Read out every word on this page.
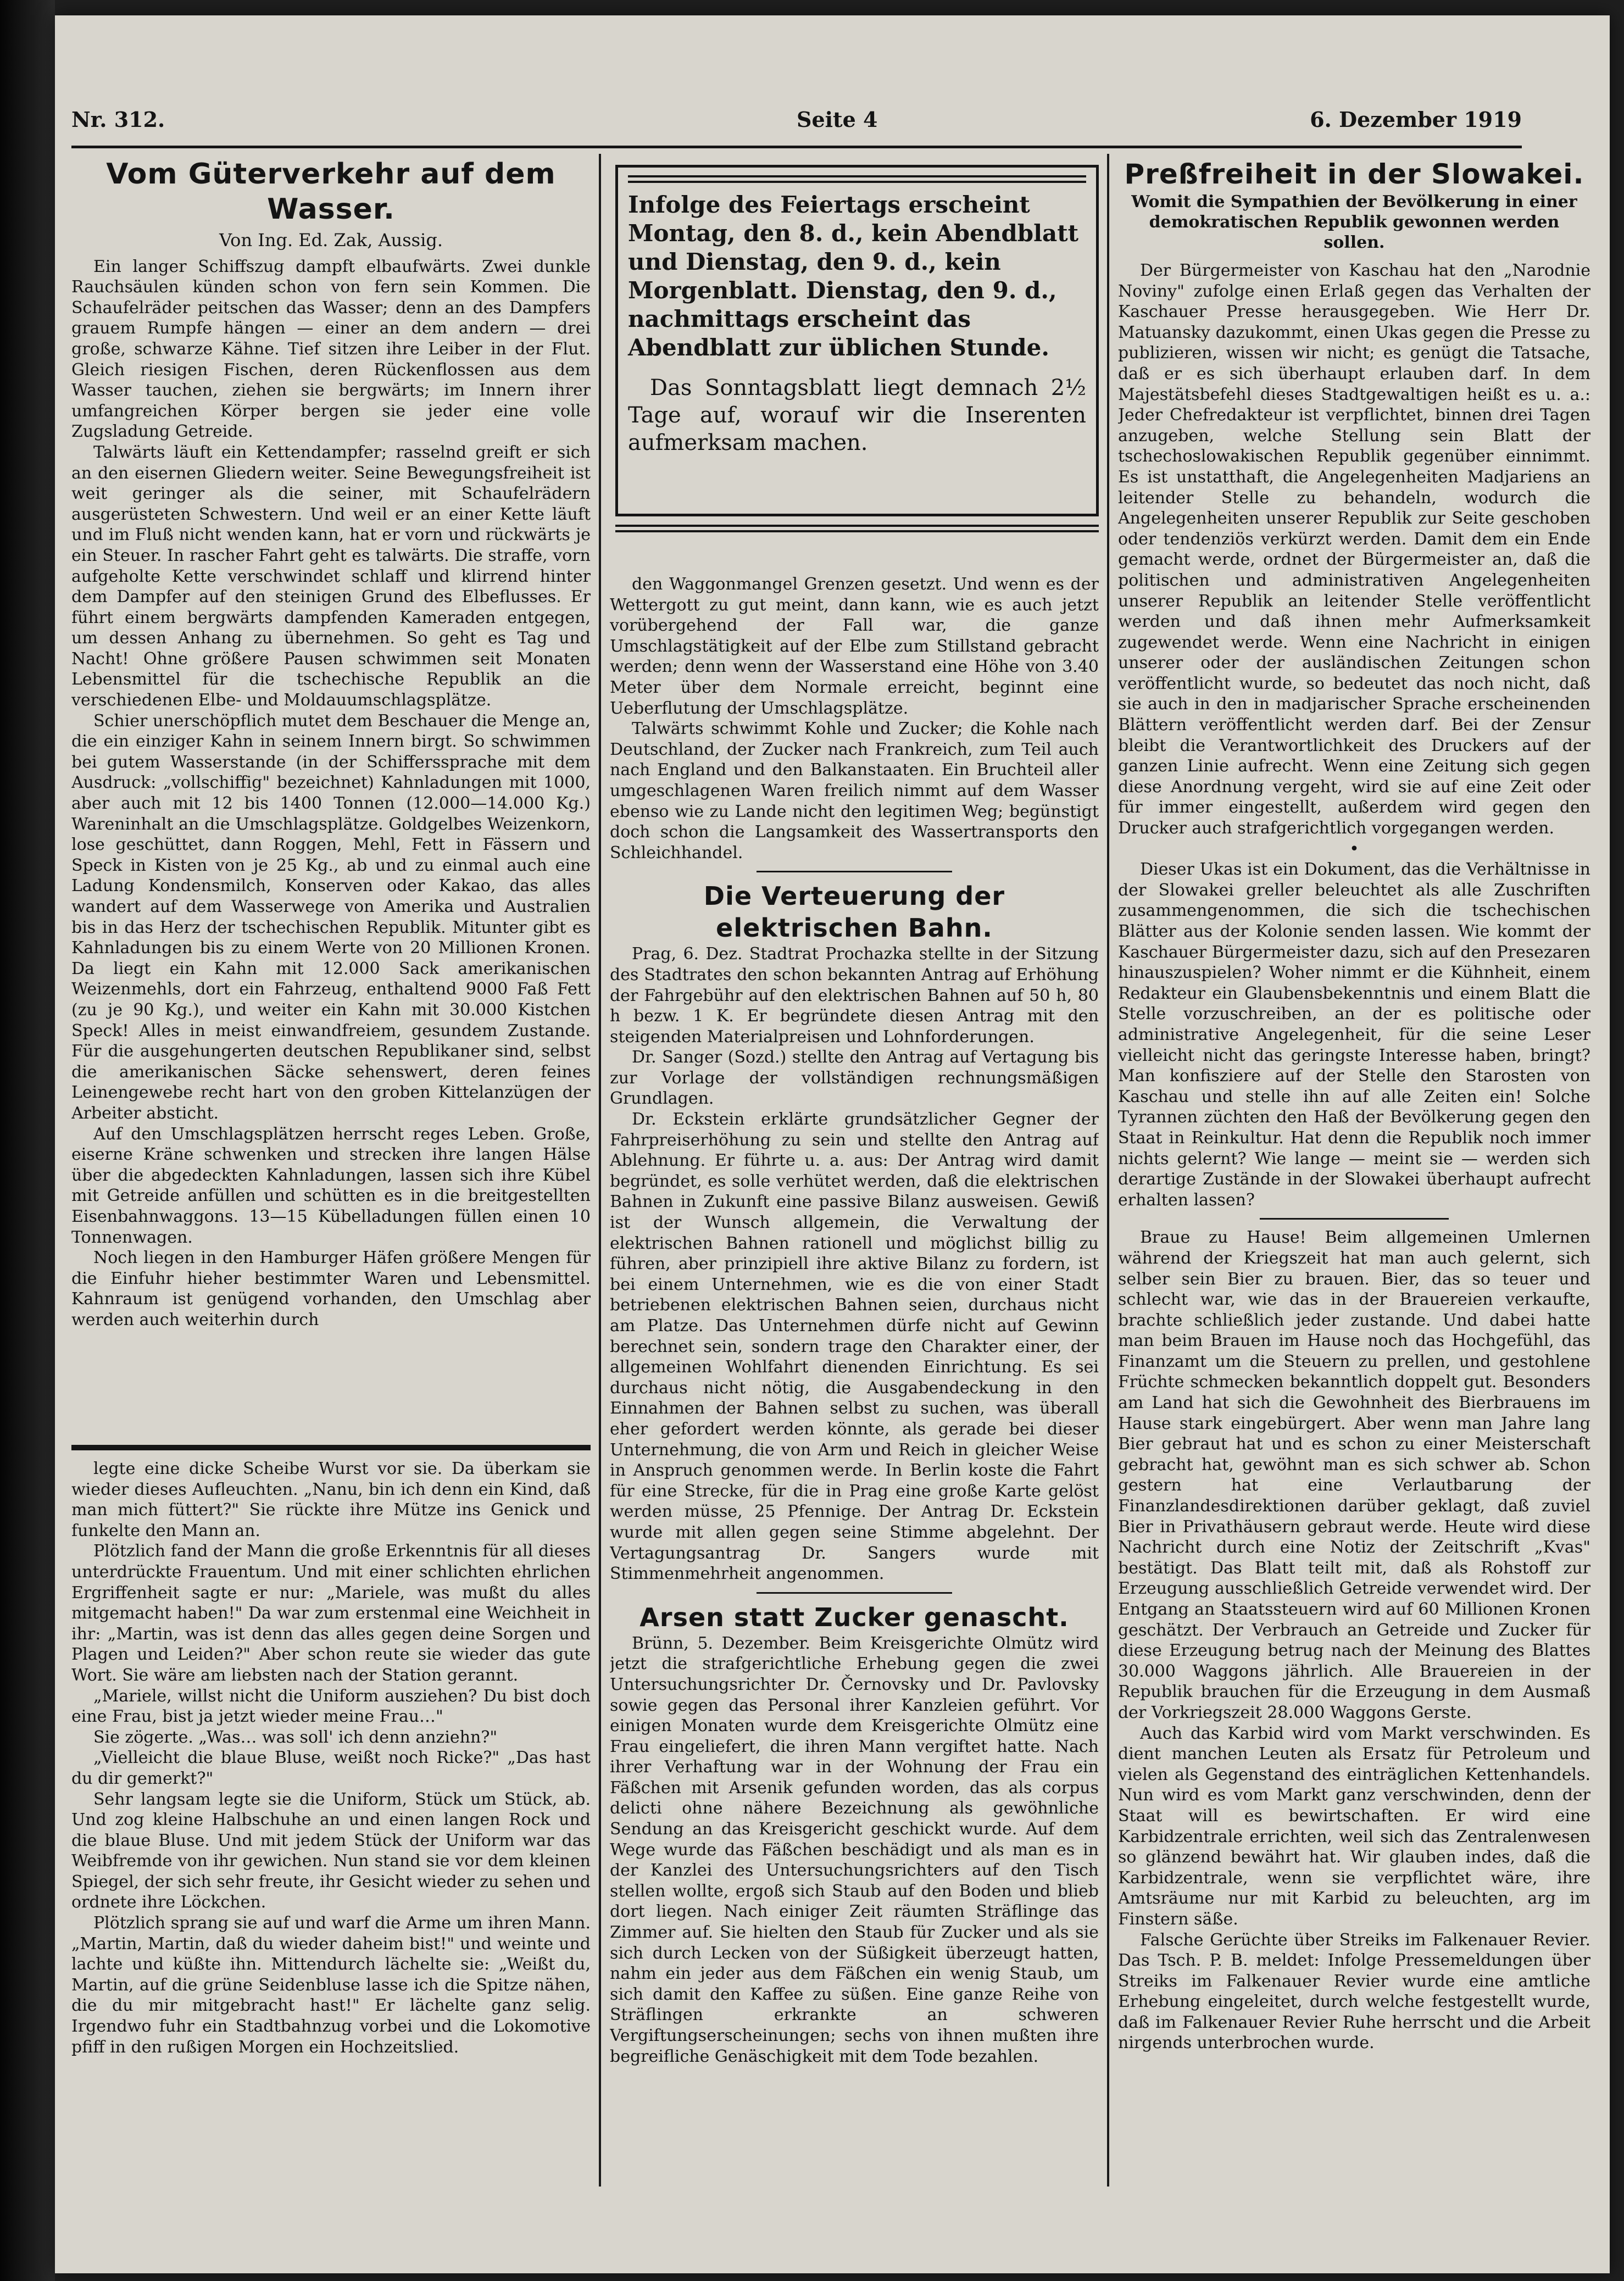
Nr. 312.	Seite 4	6. Dezember 1919
Vom Güterverkehr auf dem Wasser.
Von Ing. Ed. Zak, Aussig.

Ein langer Schiffszug dampft elbaufwärts. Zwei dunkle Rauchsäulen künden schon von fern sein Kommen. Die Schaufelräder peitschen das Wasser; denn an des Dampfers grauem Rumpfe hängen — einer an dem andern — drei große, schwarze Kähne. Tief sitzen ihre Leiber in der Flut. Gleich riesigen Fischen, deren Rückenflossen aus dem Wasser tauchen, ziehen sie bergwärts; im Innern ihrer umfangreichen Körper bergen sie jeder eine volle Zugsladung Getreide.

Talwärts läuft ein Kettendampfer; rasselnd greift er sich an den eisernen Gliedern weiter. Seine Bewegungsfreiheit ist weit geringer als die seiner, mit Schaufelrädern ausgerüsteten Schwestern. Und weil er an einer Kette läuft und im Fluß nicht wenden kann, hat er vorn und rückwärts je ein Steuer. In rascher Fahrt geht es talwärts. Die straffe, vorn aufgeholte Kette verschwindet schlaff und klirrend hinter dem Dampfer auf den steinigen Grund des Elbeflusses. Er führt einem bergwärts dampfenden Kameraden entgegen, um dessen Anhang zu übernehmen. So geht es Tag und Nacht! Ohne größere Pausen schwimmen seit Monaten Lebensmittel für die tschechische Republik an die verschiedenen Elbe- und Moldauumschlagsplätze.

Schier unerschöpflich mutet dem Beschauer die Menge an, die ein einziger Kahn in seinem Innern birgt. So schwimmen bei gutem Wasserstande (in der Schifferssprache mit dem Ausdruck: „vollschiffig" bezeichnet) Kahnladungen mit 1000, aber auch mit 12 bis 1400 Tonnen (12.000—14.000 Kg.) Wareninhalt an die Umschlagsplätze. Goldgelbes Weizenkorn, lose geschüttet, dann Roggen, Mehl, Fett in Fässern und Speck in Kisten von je 25 Kg., ab und zu einmal auch eine Ladung Kondensmilch, Konserven oder Kakao, das alles wandert auf dem Wasserwege von Amerika und Australien bis in das Herz der tschechischen Republik. Mitunter gibt es Kahnladungen bis zu einem Werte von 20 Millionen Kronen. Da liegt ein Kahn mit 12.000 Sack amerikanischen Weizenmehls, dort ein Fahrzeug, enthaltend 9000 Faß Fett (zu je 90 Kg.), und weiter ein Kahn mit 30.000 Kistchen Speck! Alles in meist einwandfreiem, gesundem Zustande. Für die ausgehungerten deutschen Republikaner sind, selbst die amerikanischen Säcke sehenswert, deren feines Leinengewebe recht hart von den groben Kittelanzügen der Arbeiter absticht.

Auf den Umschlagsplätzen herrscht reges Leben. Große, eiserne Kräne schwenken und strecken ihre langen Hälse über die abgedeckten Kahnladungen, lassen sich ihre Kübel mit Getreide anfüllen und schütten es in die breitgestellten Eisenbahnwaggons. 13—15 Kübelladungen füllen einen 10 Tonnenwagen.

Noch liegen in den Hamburger Häfen größere Mengen für die Einfuhr hieher bestimmter Waren und Lebensmittel. Kahnraum ist genügend vorhanden, den Umschlag aber werden auch weiterhin durch

legte eine dicke Scheibe Wurst vor sie. Da überkam sie wieder dieses Aufleuchten. „Nanu, bin ich denn ein Kind, daß man mich füttert?" Sie rückte ihre Mütze ins Genick und funkelte den Mann an.

Plötzlich fand der Mann die große Erkenntnis für all dieses unterdrückte Frauentum. Und mit einer schlichten ehrlichen Ergriffenheit sagte er nur: „Mariele, was mußt du alles mitgemacht haben!" Da war zum erstenmal eine Weichheit in ihr: „Martin, was ist denn das alles gegen deine Sorgen und Plagen und Leiden?" Aber schon reute sie wieder das gute Wort. Sie wäre am liebsten nach der Station gerannt.

„Mariele, willst nicht die Uniform ausziehen? Du bist doch eine Frau, bist ja jetzt wieder meine Frau…"

Sie zögerte. „Was… was soll' ich denn anziehn?"

„Vielleicht die blaue Bluse, weißt noch Ricke?" „Das hast du dir gemerkt?"

Sehr langsam legte sie die Uniform, Stück um Stück, ab. Und zog kleine Halbschuhe an und einen langen Rock und die blaue Bluse. Und mit jedem Stück der Uniform war das Weibfremde von ihr gewichen. Nun stand sie vor dem kleinen Spiegel, der sich sehr freute, ihr Gesicht wieder zu sehen und ordnete ihre Löckchen.

Plötzlich sprang sie auf und warf die Arme um ihren Mann. „Martin, Martin, daß du wieder daheim bist!" und weinte und lachte und küßte ihn. Mittendurch lächelte sie: „Weißt du, Martin, auf die grüne Seidenbluse lasse ich die Spitze nähen, die du mir mitgebracht hast!" Er lächelte ganz selig. Irgendwo fuhr ein Stadtbahnzug vorbei und die Lokomotive pfiff in den rußigen Morgen ein Hochzeitslied.

Infolge des Feiertags erscheint Montag, den 8. d., kein Abendblatt und Dienstag, den 9. d., kein Morgenblatt. Dienstag, den 9. d., nachmittags erscheint das Abendblatt zur üblichen Stunde.

Das Sonntagsblatt liegt demnach 2½ Tage auf, worauf wir die Inserenten aufmerksam machen.

den Waggonmangel Grenzen gesetzt. Und wenn es der Wettergott zu gut meint, dann kann, wie es auch jetzt vorübergehend der Fall war, die ganze Umschlagstätigkeit auf der Elbe zum Stillstand gebracht werden; denn wenn der Wasserstand eine Höhe von 3.40 Meter über dem Normale erreicht, beginnt eine Ueberflutung der Umschlagsplätze.

Talwärts schwimmt Kohle und Zucker; die Kohle nach Deutschland, der Zucker nach Frankreich, zum Teil auch nach England und den Balkanstaaten. Ein Bruchteil aller umgeschlagenen Waren freilich nimmt auf dem Wasser ebenso wie zu Lande nicht den legitimen Weg; begünstigt doch schon die Langsamkeit des Wassertransports den Schleichhandel.

Die Verteuerung der elektrischen Bahn.

Prag, 6. Dez. Stadtrat Prochazka stellte in der Sitzung des Stadtrates den schon bekannten Antrag auf Erhöhung der Fahrgebühr auf den elektrischen Bahnen auf 50 h, 80 h bezw. 1 K. Er begründete diesen Antrag mit den steigenden Materialpreisen und Lohnforderungen.

Dr. Sanger (Sozd.) stellte den Antrag auf Vertagung bis zur Vorlage der vollständigen rechnungsmäßigen Grundlagen.

Dr. Eckstein erklärte grundsätzlicher Gegner der Fahrpreiserhöhung zu sein und stellte den Antrag auf Ablehnung. Er führte u. a. aus: Der Antrag wird damit begründet, es solle verhütet werden, daß die elektrischen Bahnen in Zukunft eine passive Bilanz ausweisen. Gewiß ist der Wunsch allgemein, die Verwaltung der elektrischen Bahnen rationell und möglichst billig zu führen, aber prinzipiell ihre aktive Bilanz zu fordern, ist bei einem Unternehmen, wie es die von einer Stadt betriebenen elektrischen Bahnen seien, durchaus nicht am Platze. Das Unternehmen dürfe nicht auf Gewinn berechnet sein, sondern trage den Charakter einer, der allgemeinen Wohlfahrt dienenden Einrichtung. Es sei durchaus nicht nötig, die Ausgabendeckung in den Einnahmen der Bahnen selbst zu suchen, was überall eher gefordert werden könnte, als gerade bei dieser Unternehmung, die von Arm und Reich in gleicher Weise in Anspruch genommen werde. In Berlin koste die Fahrt für eine Strecke, für die in Prag eine große Karte gelöst werden müsse, 25 Pfennige. Der Antrag Dr. Eckstein wurde mit allen gegen seine Stimme abgelehnt. Der Vertagungsantrag Dr. Sangers wurde mit Stimmenmehrheit angenommen.

Arsen statt Zucker genascht.

Brünn, 5. Dezember. Beim Kreisgerichte Olmütz wird jetzt die strafgerichtliche Erhebung gegen die zwei Untersuchungsrichter Dr. Černovsky und Dr. Pavlovsky sowie gegen das Personal ihrer Kanzleien geführt. Vor einigen Monaten wurde dem Kreisgerichte Olmütz eine Frau eingeliefert, die ihren Mann vergiftet hatte. Nach ihrer Verhaftung war in der Wohnung der Frau ein Fäßchen mit Arsenik gefunden worden, das als corpus delicti ohne nähere Bezeichnung als gewöhnliche Sendung an das Kreisgericht geschickt wurde. Auf dem Wege wurde das Fäßchen beschädigt und als man es in der Kanzlei des Untersuchungsrichters auf den Tisch stellen wollte, ergoß sich Staub auf den Boden und blieb dort liegen. Nach einiger Zeit räumten Sträflinge das Zimmer auf. Sie hielten den Staub für Zucker und als sie sich durch Lecken von der Süßigkeit überzeugt hatten, nahm ein jeder aus dem Fäßchen ein wenig Staub, um sich damit den Kaffee zu süßen. Eine ganze Reihe von Sträflingen erkrankte an schweren Vergiftungserscheinungen; sechs von ihnen mußten ihre begreifliche Genäschigkeit mit dem Tode bezahlen.

Preßfreiheit in der Slowakei.
Womit die Sympathien der Bevölkerung in einer demokratischen Republik gewonnen werden sollen.

Der Bürgermeister von Kaschau hat den „Narodnie Noviny" zufolge einen Erlaß gegen das Verhalten der Kaschauer Presse herausgegeben. Wie Herr Dr. Matuansky dazukommt, einen Ukas gegen die Presse zu publizieren, wissen wir nicht; es genügt die Tatsache, daß er es sich überhaupt erlauben darf. In dem Majestätsbefehl dieses Stadtgewaltigen heißt es u. a.: Jeder Chefredakteur ist verpflichtet, binnen drei Tagen anzugeben, welche Stellung sein Blatt der tschechoslowakischen Republik gegenüber einnimmt. Es ist unstatthaft, die Angelegenheiten Madjariens an leitender Stelle zu behandeln, wodurch die Angelegenheiten unserer Republik zur Seite geschoben oder tendenziös verkürzt werden. Damit dem ein Ende gemacht werde, ordnet der Bürgermeister an, daß die politischen und administrativen Angelegenheiten unserer Republik an leitender Stelle veröffentlicht werden und daß ihnen mehr Aufmerksamkeit zugewendet werde. Wenn eine Nachricht in einigen unserer oder der ausländischen Zeitungen schon veröffentlicht wurde, so bedeutet das noch nicht, daß sie auch in den in madjarischer Sprache erscheinenden Blättern veröffentlicht werden darf. Bei der Zensur bleibt die Verantwortlichkeit des Druckers auf der ganzen Linie aufrecht. Wenn eine Zeitung sich gegen diese Anordnung vergeht, wird sie auf eine Zeit oder für immer eingestellt, außerdem wird gegen den Drucker auch strafgerichtlich vorgegangen werden.

•

Dieser Ukas ist ein Dokument, das die Verhältnisse in der Slowakei greller beleuchtet als alle Zuschriften zusammengenommen, die sich die tschechischen Blätter aus der Kolonie senden lassen. Wie kommt der Kaschauer Bürgermeister dazu, sich auf den Presezaren hinauszuspielen? Woher nimmt er die Kühnheit, einem Redakteur ein Glaubensbekenntnis und einem Blatt die Stelle vorzuschreiben, an der es politische oder administrative Angelegenheit, für die seine Leser vielleicht nicht das geringste Interesse haben, bringt? Man konfisziere auf der Stelle den Starosten von Kaschau und stelle ihn auf alle Zeiten ein! Solche Tyrannen züchten den Haß der Bevölkerung gegen den Staat in Reinkultur. Hat denn die Republik noch immer nichts gelernt? Wie lange — meint sie — werden sich derartige Zustände in der Slowakei überhaupt aufrecht erhalten lassen?

Braue zu Hause! Beim allgemeinen Umlernen während der Kriegszeit hat man auch gelernt, sich selber sein Bier zu brauen. Bier, das so teuer und schlecht war, wie das in der Brauereien verkaufte, brachte schließlich jeder zustande. Und dabei hatte man beim Brauen im Hause noch das Hochgefühl, das Finanzamt um die Steuern zu prellen, und gestohlene Früchte schmecken bekanntlich doppelt gut. Besonders am Land hat sich die Gewohnheit des Bierbrauens im Hause stark eingebürgert. Aber wenn man Jahre lang Bier gebraut hat und es schon zu einer Meisterschaft gebracht hat, gewöhnt man es sich schwer ab. Schon gestern hat eine Verlautbarung der Finanzlandesdirektionen darüber geklagt, daß zuviel Bier in Privathäusern gebraut werde. Heute wird diese Nachricht durch eine Notiz der Zeitschrift „Kvas" bestätigt. Das Blatt teilt mit, daß als Rohstoff zur Erzeugung ausschließlich Getreide verwendet wird. Der Entgang an Staatssteuern wird auf 60 Millionen Kronen geschätzt. Der Verbrauch an Getreide und Zucker für diese Erzeugung betrug nach der Meinung des Blattes 30.000 Waggons jährlich. Alle Brauereien in der Republik brauchen für die Erzeugung in dem Ausmaß der Vorkriegszeit 28.000 Waggons Gerste.

Auch das Karbid wird vom Markt verschwinden. Es dient manchen Leuten als Ersatz für Petroleum und vielen als Gegenstand des einträglichen Kettenhandels. Nun wird es vom Markt ganz verschwinden, denn der Staat will es bewirtschaften. Er wird eine Karbidzentrale errichten, weil sich das Zentralenwesen so glänzend bewährt hat. Wir glauben indes, daß die Karbidzentrale, wenn sie verpflichtet wäre, ihre Amtsräume nur mit Karbid zu beleuchten, arg im Finstern säße.

Falsche Gerüchte über Streiks im Falkenauer Revier. Das Tsch. P. B. meldet: Infolge Pressemeldungen über Streiks im Falkenauer Revier wurde eine amtliche Erhebung eingeleitet, durch welche festgestellt wurde, daß im Falkenauer Revier Ruhe herrscht und die Arbeit nirgends unterbrochen wurde.
